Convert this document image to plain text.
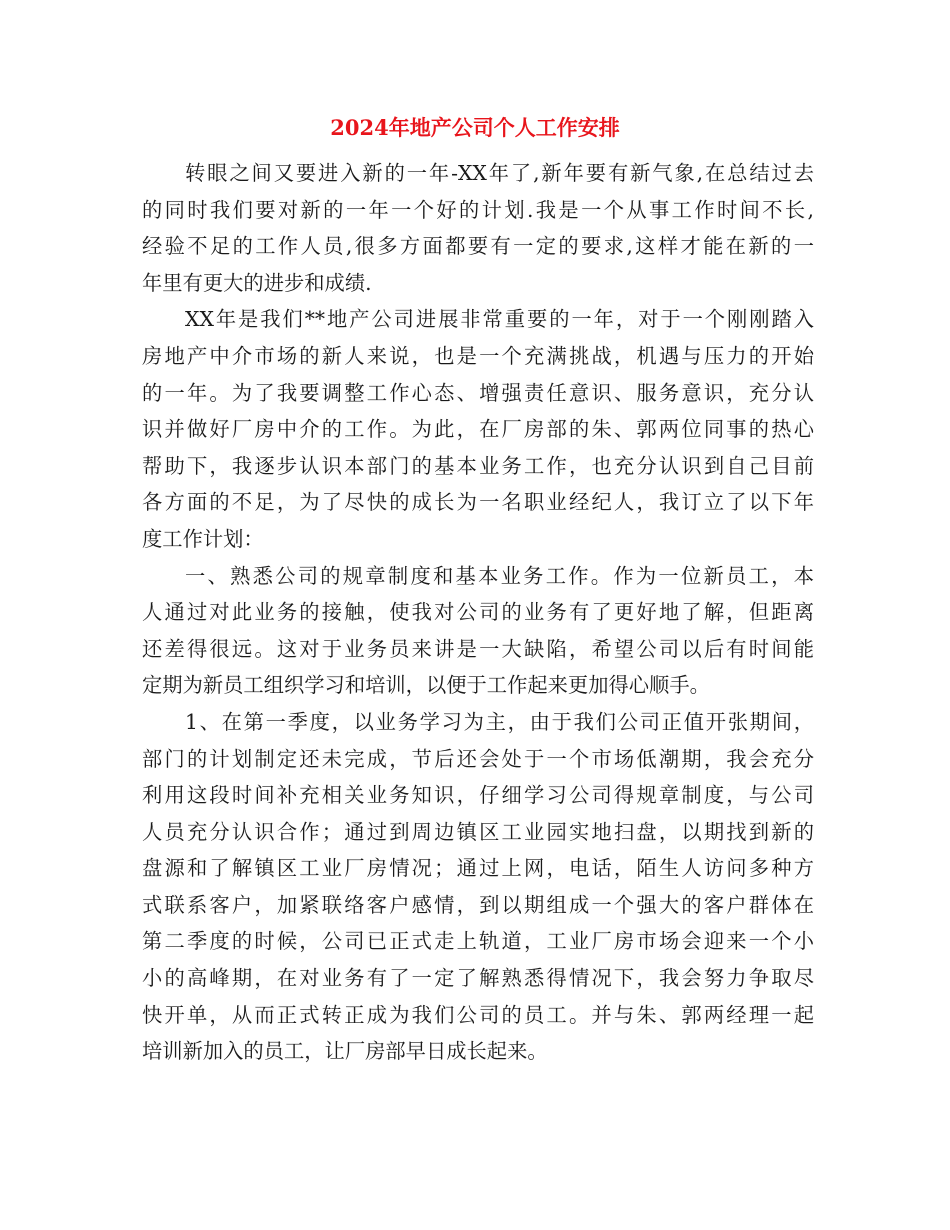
2024年地产公司个人工作安排
转眼之间又要进入新的一年-XX年了,新年要有新气象,在总结过去
的同时我们要对新的一年一个好的计划.我是一个从事工作时间不长,
经验不足的工作人员,很多方面都要有一定的要求,这样才能在新的一
年里有更大的进步和成绩.
XX年是我们**地产公司进展非常重要的一年，对于一个刚刚踏入
房地产中介市场的新人来说，也是一个充满挑战，机遇与压力的开始
的一年。为了我要调整工作心态、增强责任意识、服务意识，充分认
识并做好厂房中介的工作。为此，在厂房部的朱、郭两位同事的热心
帮助下，我逐步认识本部门的基本业务工作，也充分认识到自己目前
各方面的不足，为了尽快的成长为一名职业经纪人，我订立了以下年
度工作计划：
一、熟悉公司的规章制度和基本业务工作。作为一位新员工，本
人通过对此业务的接触，使我对公司的业务有了更好地了解，但距离
还差得很远。这对于业务员来讲是一大缺陷，希望公司以后有时间能
定期为新员工组织学习和培训，以便于工作起来更加得心顺手。
1、在第一季度，以业务学习为主，由于我们公司正值开张期间，
部门的计划制定还未完成，节后还会处于一个市场低潮期，我会充分
利用这段时间补充相关业务知识，仔细学习公司得规章制度，与公司
人员充分认识合作；通过到周边镇区工业园实地扫盘，以期找到新的
盘源和了解镇区工业厂房情况；通过上网，电话，陌生人访问多种方
式联系客户，加紧联络客户感情，到以期组成一个强大的客户群体在
第二季度的时候，公司已正式走上轨道，工业厂房市场会迎来一个小
小的高峰期，在对业务有了一定了解熟悉得情况下，我会努力争取尽
快开单，从而正式转正成为我们公司的员工。并与朱、郭两经理一起
培训新加入的员工，让厂房部早日成长起来。
